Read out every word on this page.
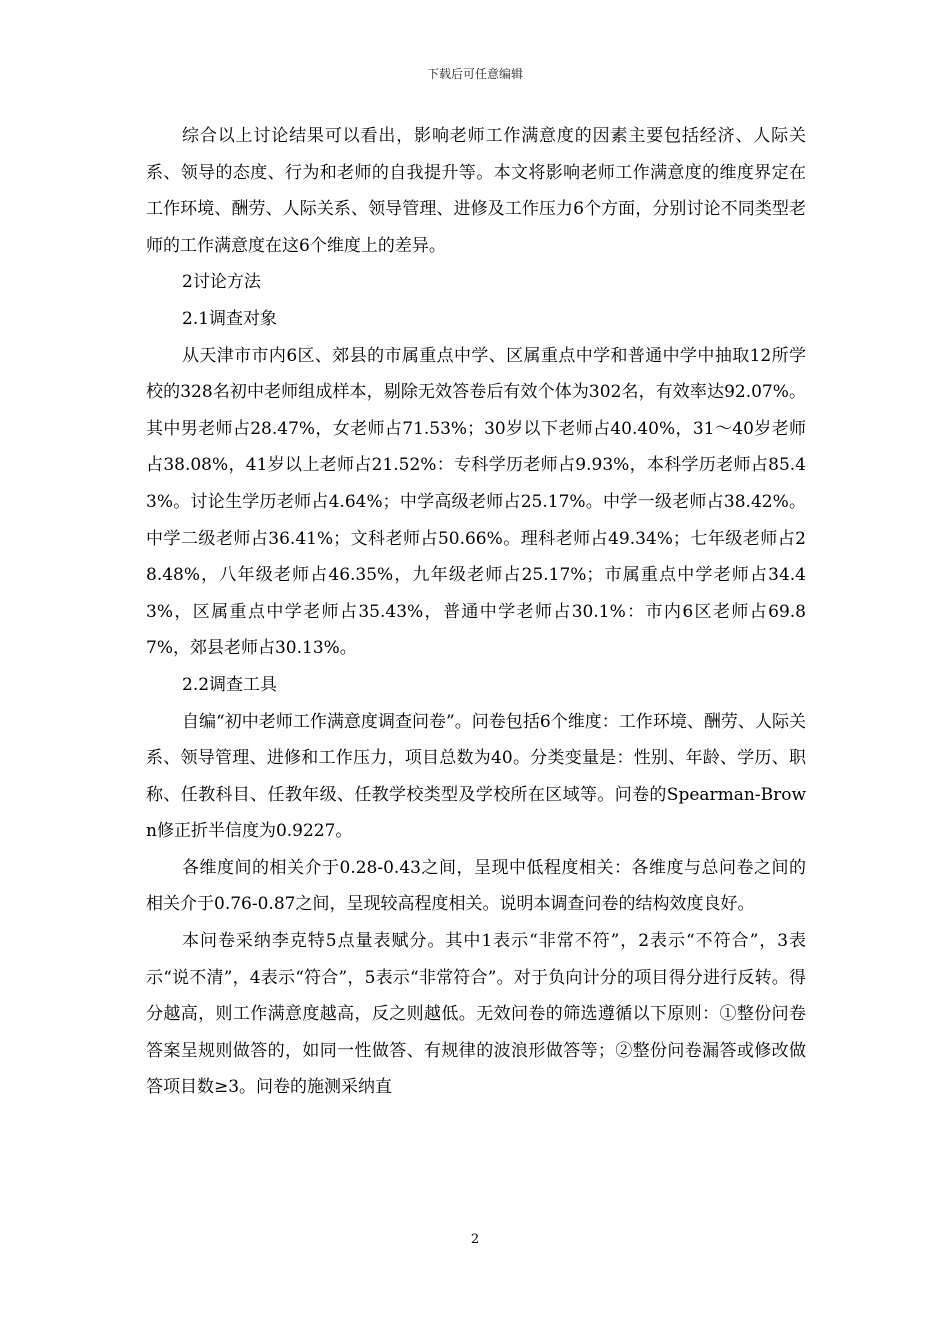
下载后可任意编辑

综合以上讨论结果可以看出，影响老师工作满意度的因素主要包括经济、人际关系、领导的态度、行为和老师的自我提升等。本文将影响老师工作满意度的维度界定在工作环境、酬劳、人际关系、领导管理、进修及工作压力6个方面，分别讨论不同类型老师的工作满意度在这6个维度上的差异。

2讨论方法

2.1调查对象

从天津市市内6区、郊县的市属重点中学、区属重点中学和普通中学中抽取12所学校的328名初中老师组成样本，剔除无效答卷后有效个体为302名，有效率达92.07%。其中男老师占28.47%，女老师占71.53%；30岁以下老师占40.40%，31～40岁老师占38.08%，41岁以上老师占21.52%：专科学历老师占9.93%，本科学历老师占85.43%。讨论生学历老师占4.64%；中学高级老师占25.17%。中学一级老师占38.42%。中学二级老师占36.41%；文科老师占50.66%。理科老师占49.34%；七年级老师占28.48%，八年级老师占46.35%，九年级老师占25.17%；市属重点中学老师占34.43%，区属重点中学老师占35.43%，普通中学老师占30.1%：市内6区老师占69.87%，郊县老师占30.13%。

2.2调查工具

自编“初中老师工作满意度调查问卷”。问卷包括6个维度：工作环境、酬劳、人际关系、领导管理、进修和工作压力，项目总数为40。分类变量是：性别、年龄、学历、职称、任教科目、任教年级、任教学校类型及学校所在区域等。问卷的Spearman-Brown修正折半信度为0.9227。

各维度间的相关介于0.28-0.43之间，呈现中低程度相关：各维度与总问卷之间的相关介于0.76-0.87之间，呈现较高程度相关。说明本调查问卷的结构效度良好。

本问卷采纳李克特5点量表赋分。其中1表示“非常不符”，2表示“不符合”，3表示“说不清”，4表示“符合”，5表示“非常符合”。对于负向计分的项目得分进行反转。得分越高，则工作满意度越高，反之则越低。无效问卷的筛选遵循以下原则：①整份问卷答案呈规则做答的，如同一性做答、有规律的波浪形做答等；②整份问卷漏答或修改做答项目数≥3。问卷的施测采纳直

2
